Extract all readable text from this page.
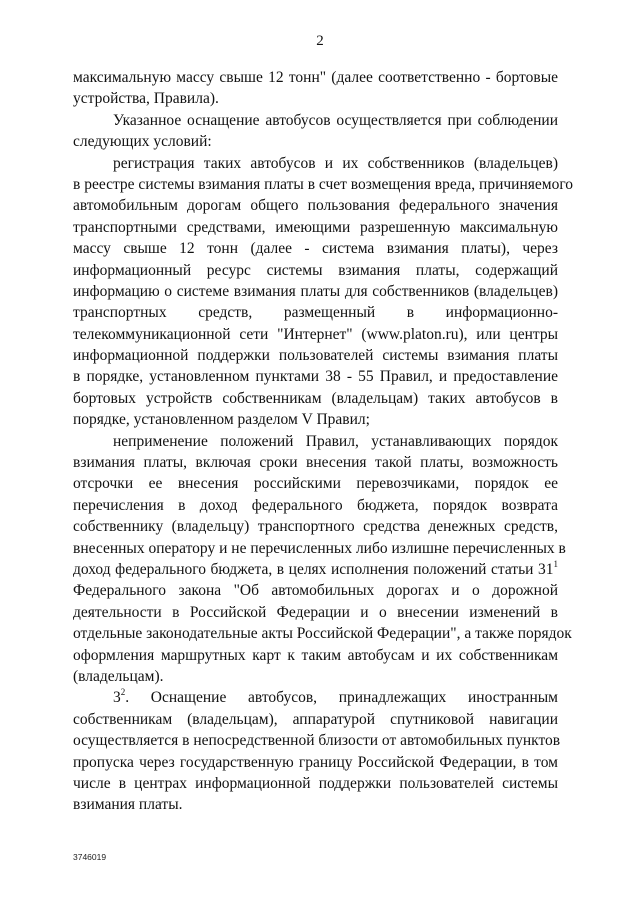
2
максимальную массу свыше 12 тонн" (далее соответственно - бортовые
устройства, Правила).
Указанное оснащение автобусов осуществляется при соблюдении
следующих условий:
регистрация таких автобусов и их собственников (владельцев)
в реестре системы взимания платы в счет возмещения вреда, причиняемого
автомобильным дорогам общего пользования федерального значения
транспортными средствами, имеющими разрешенную максимальную
массу свыше 12 тонн (далее - система взимания платы), через
информационный ресурс системы взимания платы, содержащий
информацию о системе взимания платы для собственников (владельцев)
транспортных средств, размещенный в информационно-
телекоммуникационной сети "Интернет" (www.platon.ru), или центры
информационной поддержки пользователей системы взимания платы
в порядке, установленном пунктами 38 - 55 Правил, и предоставление
бортовых устройств собственникам (владельцам) таких автобусов в
порядке, установленном разделом V Правил;
неприменение положений Правил, устанавливающих порядок
взимания платы, включая сроки внесения такой платы, возможность
отсрочки ее внесения российскими перевозчиками, порядок ее
перечисления в доход федерального бюджета, порядок возврата
собственнику (владельцу) транспортного средства денежных средств,
внесенных оператору и не перечисленных либо излишне перечисленных в
доход федерального бюджета, в целях исполнения положений статьи $31^1$
Федерального закона "Об автомобильных дорогах и о дорожной
деятельности в Российской Федерации и о внесении изменений в
отдельные законодательные акты Российской Федерации", а также порядок
оформления маршрутных карт к таким автобусам и их собственникам
(владельцам).
$3^2$. Оснащение автобусов, принадлежащих иностранным
собственникам (владельцам), аппаратурой спутниковой навигации
осуществляется в непосредственной близости от автомобильных пунктов
пропуска через государственную границу Российской Федерации, в том
числе в центрах информационной поддержки пользователей системы
взимания платы.
3746019
